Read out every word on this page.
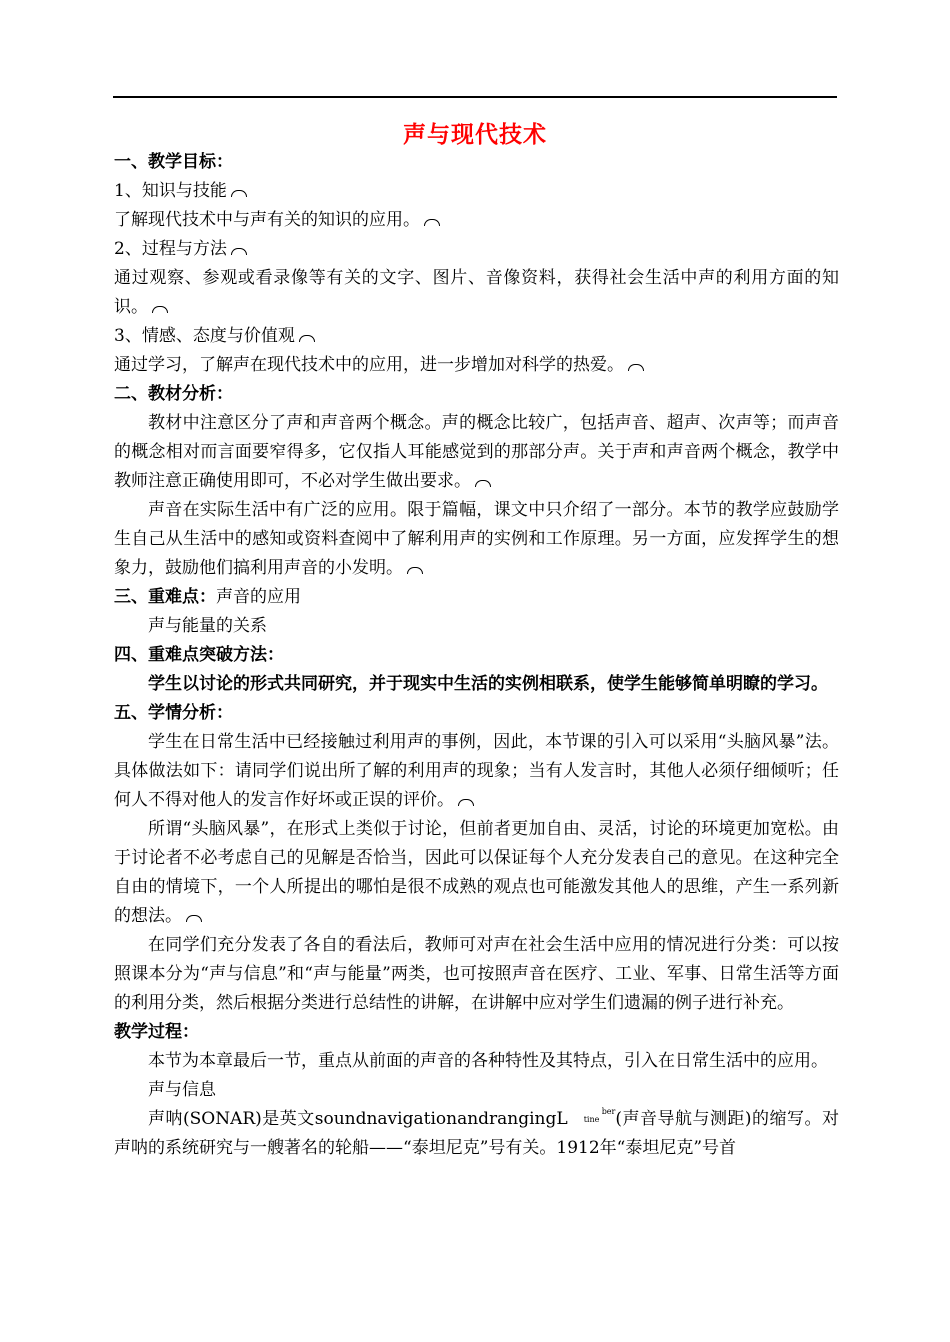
声与现代技术

一、教学目标：

1、知识与技能

了解现代技术中与声有关的知识的应用。

2、过程与方法

通过观察、参观或看录像等有关的文字、图片、音像资料，获得社会生活中声的利用方面的知识。

3、情感、态度与价值观

通过学习，了解声在现代技术中的应用，进一步增加对科学的热爱。

二、教材分析：

教材中注意区分了声和声音两个概念。声的概念比较广，包括声音、超声、次声等；而声音的概念相对而言面要窄得多，它仅指人耳能感觉到的那部分声。关于声和声音两个概念，教学中教师注意正确使用即可，不必对学生做出要求。

声音在实际生活中有广泛的应用。限于篇幅，课文中只介绍了一部分。本节的教学应鼓励学生自己从生活中的感知或资料查阅中了解利用声的实例和工作原理。另一方面，应发挥学生的想象力，鼓励他们搞利用声音的小发明。

三、重难点：声音的应用

声与能量的关系

四、重难点突破方法：

学生以讨论的形式共同研究，并于现实中生活的实例相联系，使学生能够简单明瞭的学习。

五、学情分析：

学生在日常生活中已经接触过利用声的事例，因此，本节课的引入可以采用“头脑风暴”法。具体做法如下：请同学们说出所了解的利用声的现象；当有人发言时，其他人必须仔细倾听；任何人不得对他人的发言作好坏或正误的评价。

所谓“头脑风暴”，在形式上类似于讨论，但前者更加自由、灵活，讨论的环境更加宽松。由于讨论者不必考虑自己的见解是否恰当，因此可以保证每个人充分发表自己的意见。在这种完全自由的情境下，一个人所提出的哪怕是很不成熟的观点也可能激发其他人的思维，产生一系列新的想法。

在同学们充分发表了各自的看法后，教师可对声在社会生活中应用的情况进行分类：可以按照课本分为“声与信息”和“声与能量”两类，也可按照声音在医疗、工业、军事、日常生活等方面的利用分类，然后根据分类进行总结性的讲解，在讲解中应对学生们遗漏的例子进行补充。

教学过程：

本节为本章最后一节，重点从前面的声音的各种特性及其特点，引入在日常生活中的应用。

声与信息

声呐(SONAR)是英文soundnavigationandrangingL	ber
tine (声音导航与测距)的缩写。对声呐的系统研究与一艘著名的轮船——“泰坦尼克”号有关。1912年“泰坦尼克”号首
